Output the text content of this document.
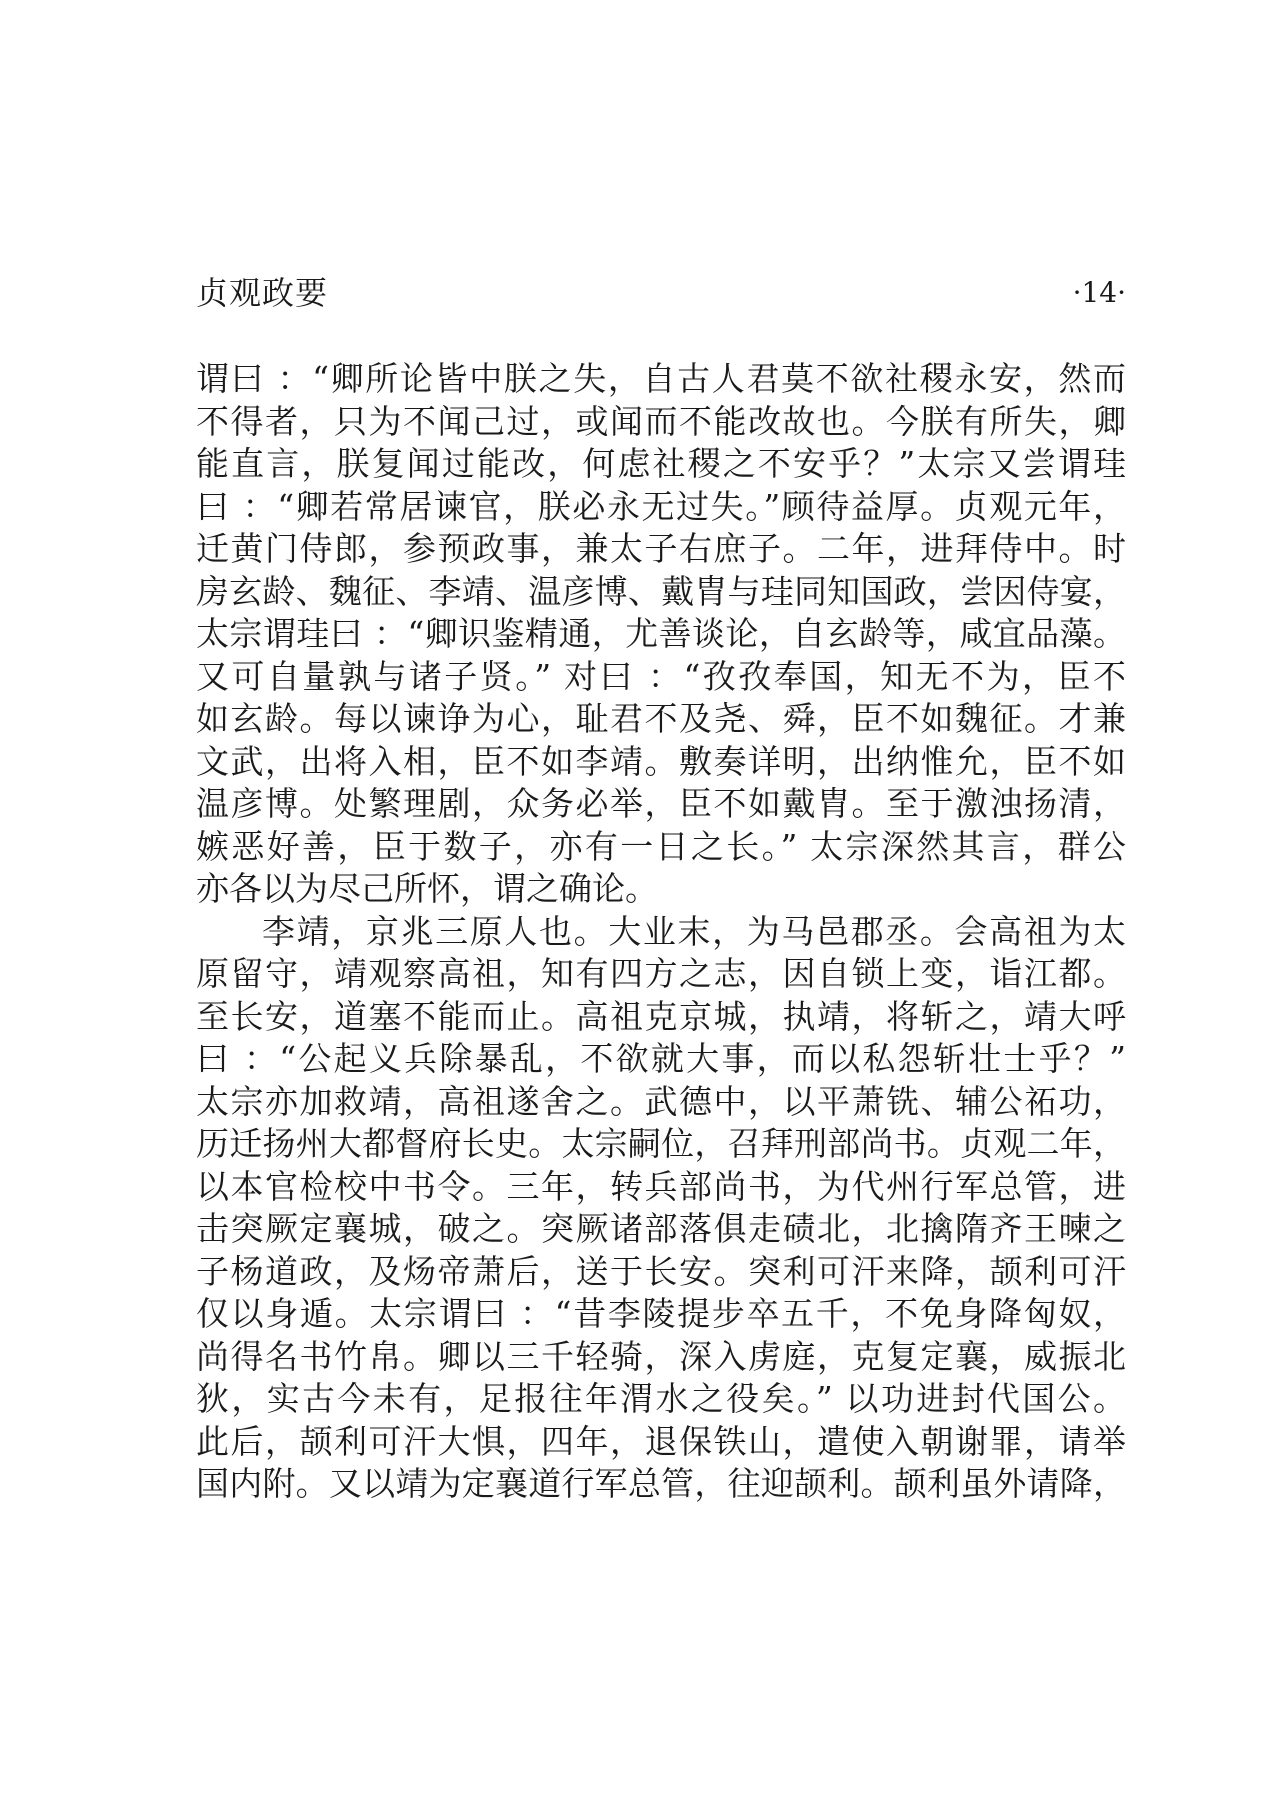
贞观政要	·14·
谓曰 ：“卿所论皆中朕之失，自古人君莫不欲社稷永安，然而
不得者，只为不闻己过，或闻而不能改故也。今朕有所失，卿
能直言，朕复闻过能改，何虑社稷之不安乎？”太宗又尝谓珪
曰 ：“卿若常居谏官，朕必永无过失。”顾待益厚。贞观元年，
迁黄门侍郎，参预政事，兼太子右庶子。二年，进拜侍中。时
房玄龄、魏征、李靖、温彦博、戴胄与珪同知国政，尝因侍宴，
太宗谓珪曰 ：“卿识鉴精通，尤善谈论，自玄龄等，咸宜品藻。
又可自量孰与诸子贤。” 对曰 ：“孜孜奉国，知无不为，臣不
如玄龄。每以谏诤为心，耻君不及尧、舜，臣不如魏征。才兼
文武，出将入相，臣不如李靖。敷奏详明，出纳惟允，臣不如
温彦博。处繁理剧，众务必举，臣不如戴胄。至于激浊扬清，
嫉恶好善，臣于数子，亦有一日之长。” 太宗深然其言，群公
亦各以为尽己所怀，谓之确论。
李靖，京兆三原人也。大业末，为马邑郡丞。会高祖为太
原留守，靖观察高祖，知有四方之志，因自锁上变，诣江都。
至长安，道塞不能而止。高祖克京城，执靖，将斩之，靖大呼
曰 ：“公起义兵除暴乱，不欲就大事，而以私怨斩壮士乎？”
太宗亦加救靖，高祖遂舍之。武德中，以平萧铣、辅公祏功，
历迁扬州大都督府长史。太宗嗣位，召拜刑部尚书。贞观二年，
以本官检校中书令。三年，转兵部尚书，为代州行军总管，进
击突厥定襄城，破之。突厥诸部落俱走碛北，北擒隋齐王暕之
子杨道政，及炀帝萧后，送于长安。突利可汗来降，颉利可汗
仅以身遁。太宗谓曰 ：“昔李陵提步卒五千，不免身降匈奴，
尚得名书竹帛。卿以三千轻骑，深入虏庭，克复定襄，威振北
狄，实古今未有，足报往年渭水之役矣。” 以功进封代国公。
此后，颉利可汗大惧，四年，退保铁山，遣使入朝谢罪，请举
国内附。又以靖为定襄道行军总管，往迎颉利。颉利虽外请降，
